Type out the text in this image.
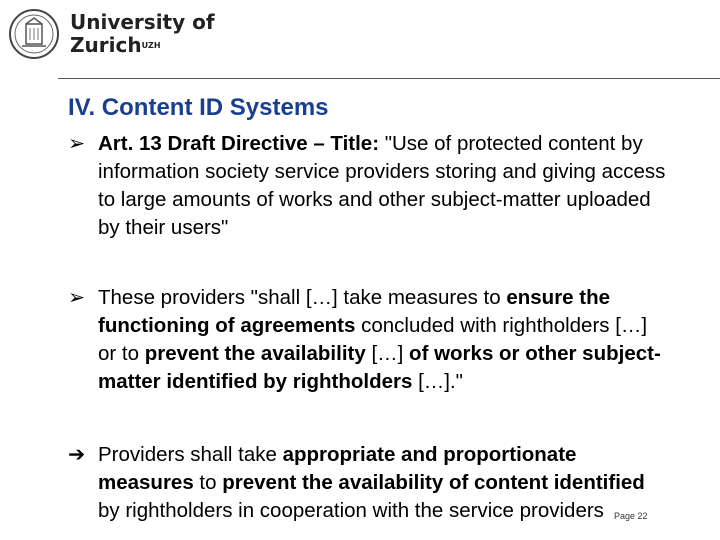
University of
Zurich$^{UZH}$
IV. Content ID Systems
➢ Art. 13 Draft Directive – Title: "Use of protected content by information society service providers storing and giving access to large amounts of works and other subject-matter uploaded by their users"
➢ These providers "shall […] take measures to ensure the functioning of agreements concluded with rightholders […] or to prevent the availability […] of works or other subject-matter identified by rightholders […]."
➔ Providers shall take appropriate and proportionate measures to prevent the availability of content identified by rightholders in cooperation with the service providers	Page 22
